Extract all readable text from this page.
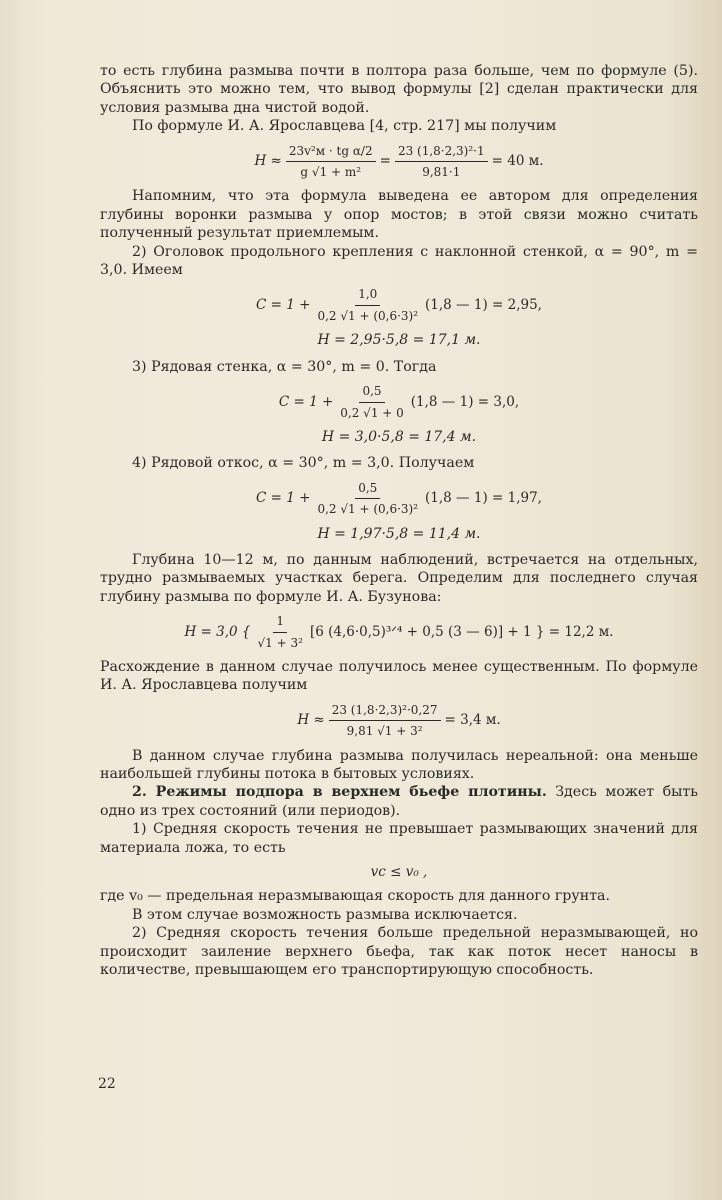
то есть глубина размыва почти в полтора раза больше, чем по формуле (5). Объяснить это можно тем, что вывод формулы [2] сделан практически для условия размыва дна чистой водой.

По формуле И. А. Ярославцева [4, стр. 217] мы получим

$H \approx \frac{\text{23v²м · tg α/2}}{\text{g √1 + m²}} = \frac{\text{23 (1,8·2,3)²·1}}{9,81\cdot 1} = 40$ м.

Напомним, что эта формула выведена ее автором для определения глубины воронки размыва у опор мостов; в этой связи можно считать полученный результат приемлемым.

2) Оголовок продольного крепления с наклонной стенкой, α = 90°, m = 3,0. Имеем

$C = 1 + \frac{1,0}{\text{0,2 √1 + (0,6·3)²}} (1,8$ — 1) = 2,95,
H = 2,95·5,8 = 17,1 м.

3) Рядовая стенка, α = 30°, m = 0. Тогда

$C = 1 + \frac{0,5}{0,2 √1 + 0} (1,8$ — 1) = 3,0,
H = 3,0·5,8 = 17,4 м.

4) Рядовой откос, α = 30°, m = 3,0. Получаем

$C = 1 + \frac{0,5}{\text{0,2 √1 + (0,6·3)²}} (1,8$ — 1) = 1,97,
H = 1,97·5,8 = 11,4 м.

Глубина 10—12 м, по данным наблюдений, встречается на отдельных, трудно размываемых участках берега. Определим для последнего случая глубину размыва по формуле И. А. Бузунова:

H = 3,0 { $\frac{1}{\text{√1 + 3²}} [6$ (4,6·0,5)³ᐟ⁴ + 0,5 (3 — 6)] + 1 } = 12,2 м.

Расхождение в данном случае получилось менее существенным. По формуле И. А. Ярославцева получим

$H \approx \frac{\text{23 (1,8·2,3)²·0,27}}{\text{9,81 √1 + 3²}} = 3,4$ м.

В данном случае глубина размыва получилась нереальной: она меньше наибольшей глубины потока в бытовых условиях.

2. Режимы подпора в верхнем бьефе плотины. Здесь может быть одно из трех состояний (или периодов).

1) Средняя скорость течения не превышает размывающих значений для материала ложа, то есть

vc ≤ v₀ ,

где v₀ — предельная неразмывающая скорость для данного грунта.

В этом случае возможность размыва исключается.

2) Средняя скорость течения больше предельной неразмывающей, но происходит заиление верхнего бьефа, так как поток несет наносы в количестве, превышающем его транспортирующую способность.

22
